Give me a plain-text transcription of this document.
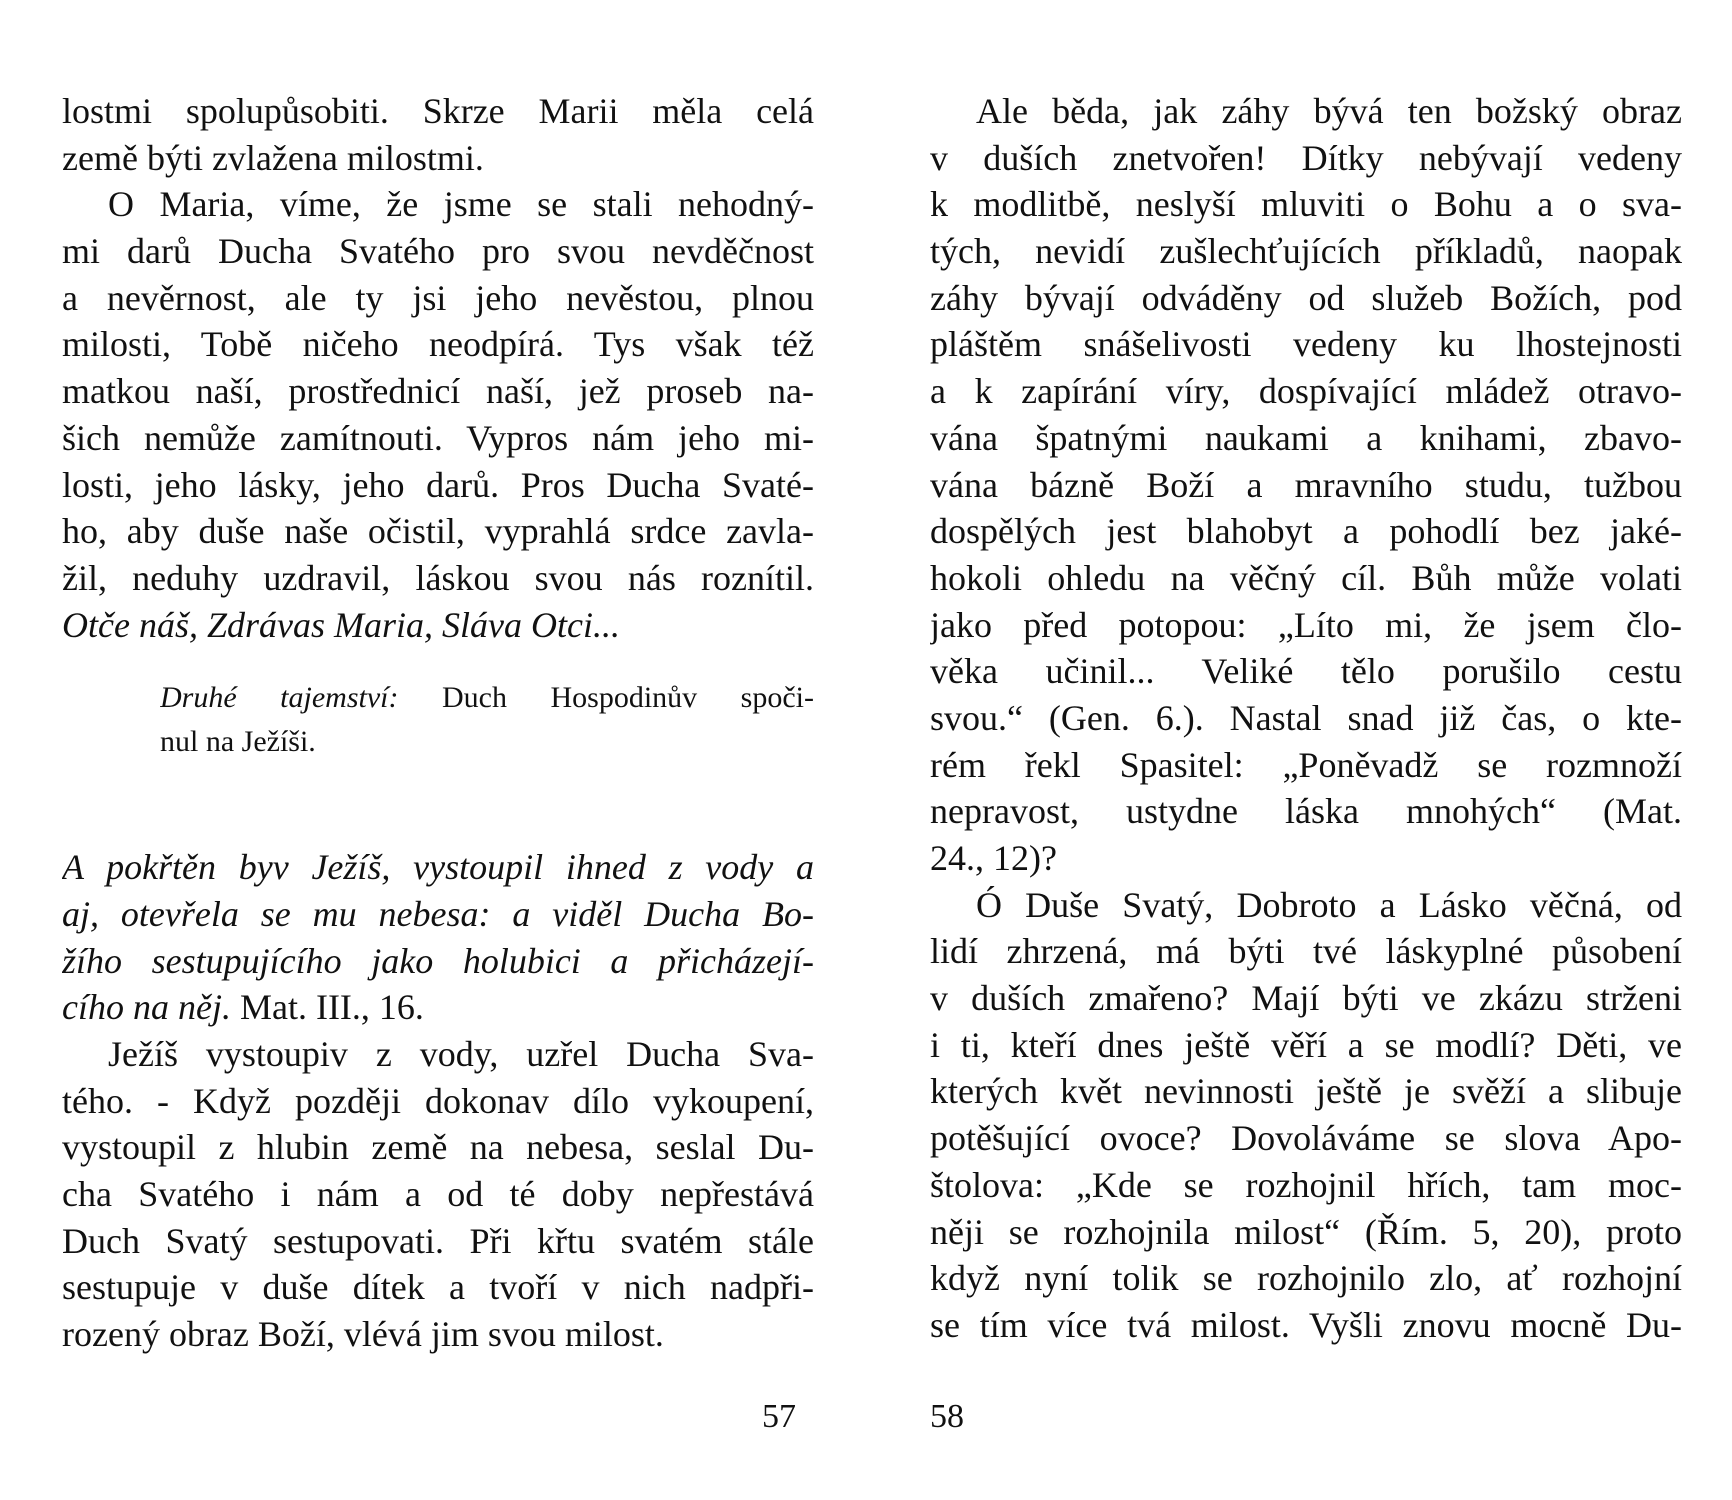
lostmi spolupůsobiti. Skrze Marii měla celá
země býti zvlažena milostmi.
O Maria, víme, že jsme se stali nehodný-
mi darů Ducha Svatého pro svou nevděčnost
a nevěrnost, ale ty jsi jeho nevěstou, plnou
milosti, Tobě ničeho neodpírá. Tys však též
matkou naší, prostřednicí naší, jež proseb na-
šich nemůže zamítnouti. Vypros nám jeho mi-
losti, jeho lásky, jeho darů. Pros Ducha Svaté-
ho, aby duše naše očistil, vyprahlá srdce zavla-
žil, neduhy uzdravil, láskou svou nás roznítil.
Otče náš, Zdrávas Maria, Sláva Otci...
Druhé tajemství: Duch Hospodinův spoči-
nul na Ježíši.
A pokřtěn byv Ježíš, vystoupil ihned z vody a
aj, otevřela se mu nebesa: a viděl Ducha Bo-
žího sestupujícího jako holubici a přicházejí-
cího na něj. Mat. III., 16.
Ježíš vystoupiv z vody, uzřel Ducha Sva-
tého. - Když později dokonav dílo vykoupení,
vystoupil z hlubin země na nebesa, seslal Du-
cha Svatého i nám a od té doby nepřestává
Duch Svatý sestupovati. Při křtu svatém stále
sestupuje v duše dítek a tvoří v nich nadpři-
rozený obraz Boží, vlévá jim svou milost.
Ale běda, jak záhy bývá ten božský obraz
v duších znetvořen! Dítky nebývají vedeny
k modlitbě, neslyší mluviti o Bohu a o sva-
tých, nevidí zušlechťujících příkladů, naopak
záhy bývají odváděny od služeb Božích, pod
pláštěm snášelivosti vedeny ku lhostejnosti
a k zapírání víry, dospívající mládež otravo-
vána špatnými naukami a knihami, zbavo-
vána bázně Boží a mravního studu, tužbou
dospělých jest blahobyt a pohodlí bez jaké-
hokoli ohledu na věčný cíl. Bůh může volati
jako před potopou: „Líto mi, že jsem člo-
věka učinil... Veliké tělo porušilo cestu
svou.“ (Gen. 6.). Nastal snad již čas, o kte-
rém řekl Spasitel: „Poněvadž se rozmnoží
nepravost, ustydne láska mnohých“ (Mat.
24., 12)?
Ó Duše Svatý, Dobroto a Lásko věčná, od
lidí zhrzená, má býti tvé láskyplné působení
v duších zmařeno? Mají býti ve zkázu strženi
i ti, kteří dnes ještě věří a se modlí? Děti, ve
kterých květ nevinnosti ještě je svěží a slibuje
potěšující ovoce? Dovoláváme se slova Apo-
štolova: „Kde se rozhojnil hřích, tam moc-
něji se rozhojnila milost“ (Řím. 5, 20), proto
když nyní tolik se rozhojnilo zlo, ať rozhojní
se tím více tvá milost. Vyšli znovu mocně Du-
57	58
